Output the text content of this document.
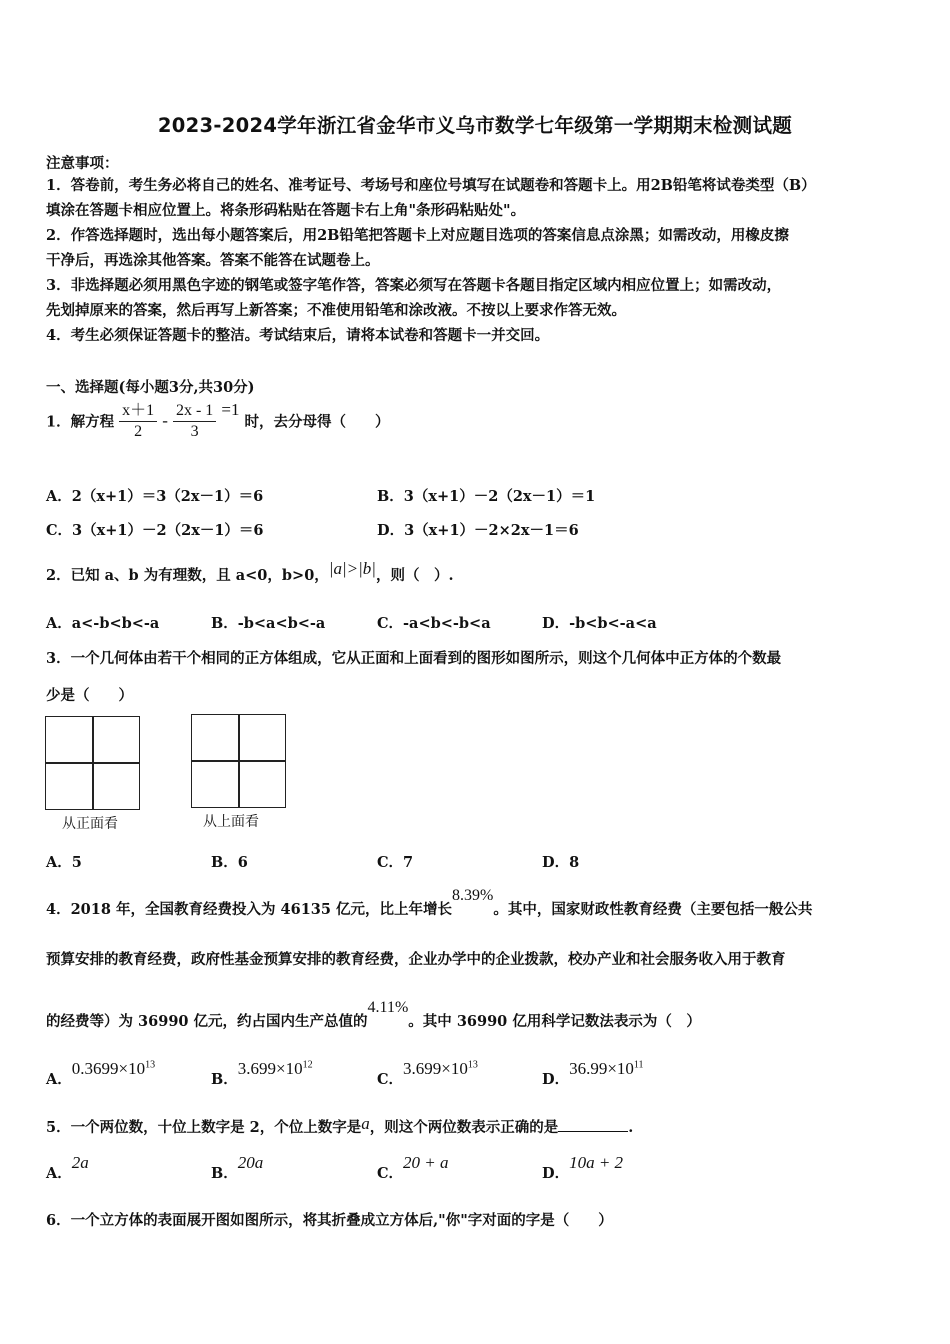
2023-2024学年浙江省金华市义乌市数学七年级第一学期期末检测试题
注意事项：
1．答卷前，考生务必将自己的姓名、准考证号、考场号和座位号填写在试题卷和答题卡上。用2B铅笔将试卷类型（B）
填涂在答题卡相应位置上。将条形码粘贴在答题卡右上角"条形码粘贴处"。
2．作答选择题时，选出每小题答案后，用2B铅笔把答题卡上对应题目选项的答案信息点涂黑；如需改动，用橡皮擦
干净后，再选涂其他答案。答案不能答在试题卷上。
3．非选择题必须用黑色字迹的钢笔或签字笔作答，答案必须写在答题卡各题目指定区域内相应位置上；如需改动，
先划掉原来的答案，然后再写上新答案；不准使用铅笔和涂改液。不按以上要求作答无效。
4．考生必须保证答题卡的整洁。考试结束后，请将本试卷和答题卡一并交回。
一、选择题(每小题3分,共30分)
1．解方程 $\frac{x+1}{2} - \frac{2x - 1}{3} =1$ 时，去分母得（　　）
A．2（x+1）＝3（2x－1）＝6	B．3（x+1）－2（2x－1）＝1
C．3（x+1）－2（2x－1）＝6	D．3（x+1）－2×2x－1＝6
2．已知 a、b 为有理数，且 a<0，b>0，|a|>|b|，则（　）.
A．a<-b<b<-a	B．-b<a<b<-a	C．-a<b<-b<a	D．-b<b<-a<a
3．一个几何体由若干个相同的正方体组成，它从正面和上面看到的图形如图所示，则这个几何体中正方体的个数最
少是（　　）
从正面看	从上面看
A．5	B．6	C．7	D．8
4．2018 年，全国教育经费投入为 46135 亿元，比上年增长8.39%。其中，国家财政性教育经费（主要包括一般公共
预算安排的教育经费，政府性基金预算安排的教育经费，企业办学中的企业拨款，校办产业和社会服务收入用于教育
的经费等）为 36990 亿元，约占国内生产总值的4.11%。其中 36990 亿用科学记数法表示为（　）
A．$0.3699\times 10^{13}$
B．$3.699\times 10^{12}$
C．$3.699\times 10^{13}$
D．$36.99\times 10^{11}$
5．一个两位数，十位上数字是 2，个位上数字是a，则这个两位数表示正确的是	.
A．2a
B．20a
C．20 + a
D．10a + 2
6．一个立方体的表面展开图如图所示，将其折叠成立方体后,"你"字对面的字是（　　）
